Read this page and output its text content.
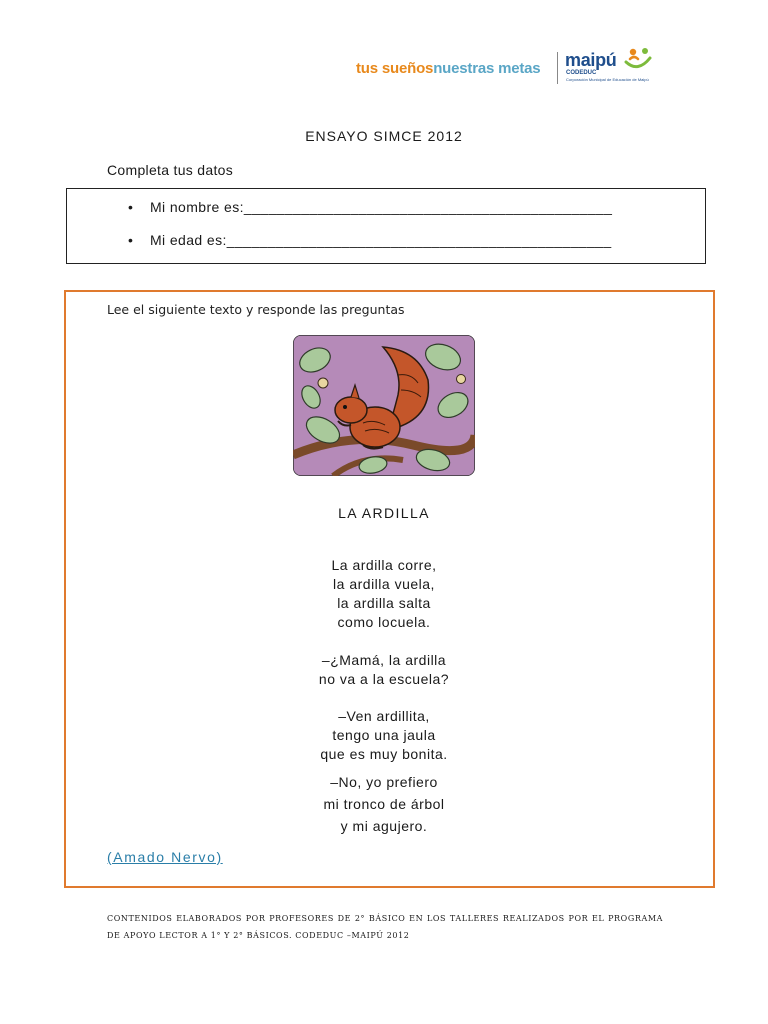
tus sueñosnuestras metas maipú
CODEDUC
Corporación Municipal de Educación de Maipú
ENSAYO SIMCE 2012
Completa tus datos
• Mi nombre es:_____________________________________________
• Mi edad es:_______________________________________________
Lee el siguiente texto y responde las preguntas
LA ARDILLA
La ardilla corre,
la ardilla vuela,
la ardilla salta
como locuela.
–¿Mamá, la ardilla
no va a la escuela?
–Ven ardillita,
tengo una jaula
que es muy bonita.
–No, yo prefiero
mi tronco de árbol
y mi agujero.
(Amado Nervo)
CONTENIDOS ELABORADOS POR PROFESORES DE 2° BÁSICO EN LOS TALLERES REALIZADOS POR EL PROGRAMA DE APOYO LECTOR A 1° Y 2° BÁSICOS. CODEDUC –MAIPÚ 2012
